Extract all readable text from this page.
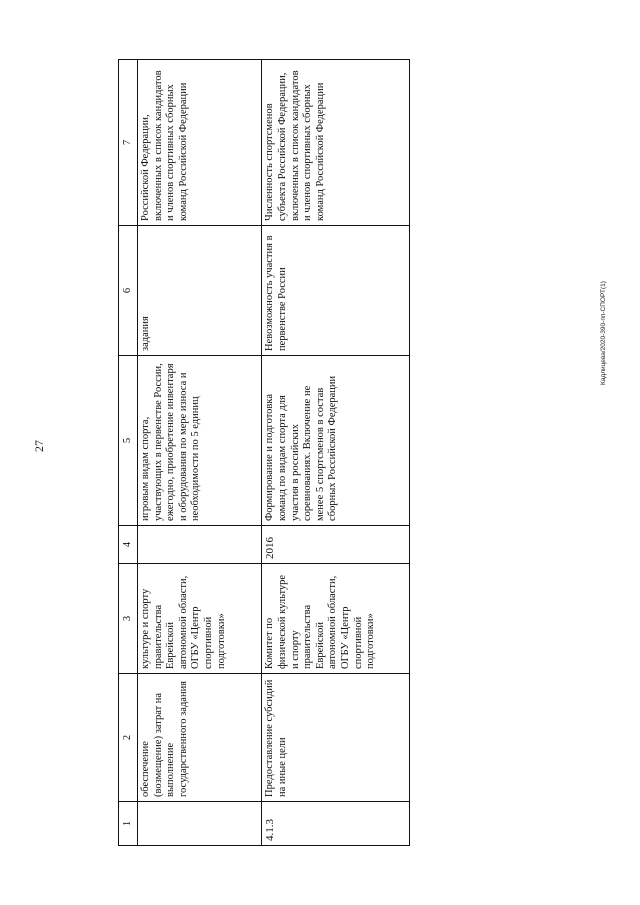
27
Кадлицева/2020-390-пп-СПОРТ(1)
1	2	3	4	5	6	7
	обеспечение (возмещение) затрат на выполнение государственного задания	культуре и спорту правительства Еврейской автономной области, ОГБУ «Центр спортивной подготовки»		игровым видам спорта, участвующих в первенстве России, ежегодно, приобретение инвентаря и оборудования по мере износа и необходимости по 5 единиц	задания	Российской Федерации, включенных в список кандидатов и членов спортивных сборных команд Российской Федерации
4.1.3	Предоставление субсидий на иные цели	Комитет по физической культуре и спорту правительства Еврейской автономной области, ОГБУ «Центр спортивной подготовки»	2016	Формирование и подготовка команд по видам спорта для участия в российских соревнованиях. Включение не менее 5 спортсменов в состав сборных Российской Федерации	Невозможность участия в первенстве России	Численность спортсменов субъекта Российской Федерации, включенных в список кандидатов и членов спортивных сборных команд Российской Федерации
